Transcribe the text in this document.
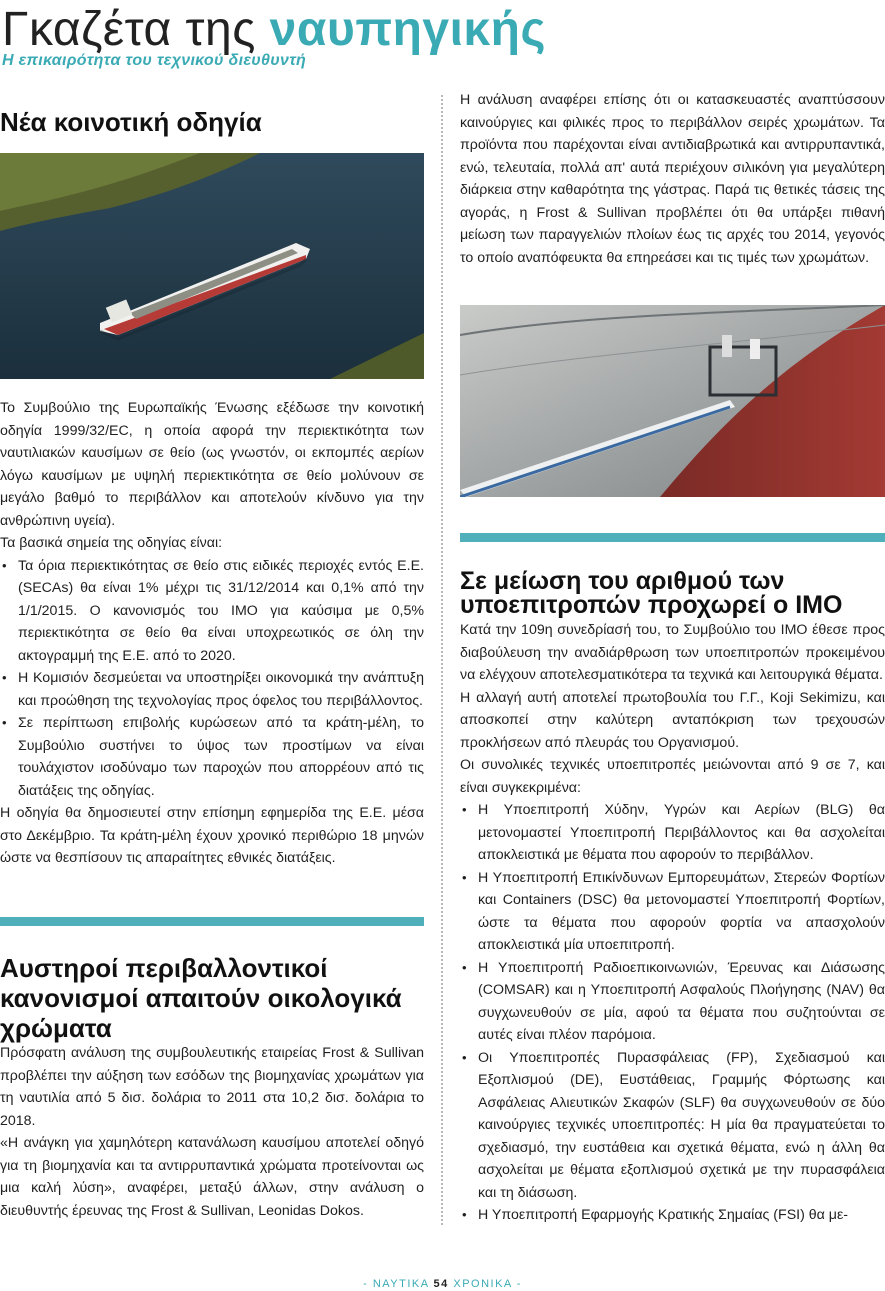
Γκαζέτα της ναυπηγικής
Η επικαιρότητα του τεχνικού διευθυντή
Νέα κοινοτική οδηγία

Το Συμβούλιο της Ευρωπαϊκής Ένωσης εξέδωσε την κοινοτική οδηγία 1999/32/EC, η οποία αφορά την περιεκτικότητα των ναυτιλιακών καυσίμων σε θείο (ως γνωστόν, οι εκπομπές αερίων λόγω καυσίμων με υψηλή περιεκτικότητα σε θείο μολύνουν σε μεγάλο βαθμό το περιβάλλον και αποτελούν κίνδυνο για την ανθρώπινη υγεία).

Τα βασικά σημεία της οδηγίας είναι:

• Τα όρια περιεκτικότητας σε θείο στις ειδικές περιοχές εντός Ε.Ε. (SECAs) θα είναι 1% μέχρι τις 31/12/2014 και 0,1% από την 1/1/2015. Ο κανονισμός του ΙΜΟ για καύσιμα με 0,5% περιεκτικότητα σε θείο θα είναι υποχρεωτικός σε όλη την ακτογραμμή της Ε.Ε. από το 2020.
• Η Κομισιόν δεσμεύεται να υποστηρίξει οικονομικά την ανάπτυξη και προώθηση της τεχνολογίας προς όφελος του περιβάλλοντος.
• Σε περίπτωση επιβολής κυρώσεων από τα κράτη-μέλη, το Συμβούλιο συστήνει το ύψος των προστίμων να είναι τουλάχιστον ισοδύναμο των παροχών που απορρέουν από τις διατάξεις της οδηγίας.

Η οδηγία θα δημοσιευτεί στην επίσημη εφημερίδα της Ε.Ε. μέσα στο Δεκέμβριο. Τα κράτη-μέλη έχουν χρονικό περιθώριο 18 μηνών ώστε να θεσπίσουν τις απαραίτητες εθνικές διατάξεις.

Αυστηροί περιβαλλοντικοί κανονισμοί απαιτούν οικολογικά χρώματα

Πρόσφατη ανάλυση της συμβουλευτικής εταιρείας Frost & Sullivan προβλέπει την αύξηση των εσόδων της βιομηχανίας χρωμάτων για τη ναυτιλία από 5 δισ. δολάρια το 2011 στα 10,2 δισ. δολάρια το 2018.

«Η ανάγκη για χαμηλότερη κατανάλωση καυσίμου αποτελεί οδηγό για τη βιομηχανία και τα αντιρρυπαντικά χρώματα προτείνονται ως μια καλή λύση», αναφέρει, μεταξύ άλλων, στην ανάλυση ο διευθυντής έρευνας της Frost & Sullivan, Leonidas Dokos.

Η ανάλυση αναφέρει επίσης ότι οι κατασκευαστές αναπτύσσουν καινούργιες και φιλικές προς το περιβάλλον σειρές χρωμάτων. Τα προϊόντα που παρέχονται είναι αντιδιαβρωτικά και αντιρρυπαντικά, ενώ, τελευταία, πολλά απ' αυτά περιέχουν σιλικόνη για μεγαλύτερη διάρκεια στην καθαρότητα της γάστρας. Παρά τις θετικές τάσεις της αγοράς, η Frost & Sullivan προβλέπει ότι θα υπάρξει πιθανή μείωση των παραγγελιών πλοίων έως τις αρχές του 2014, γεγονός το οποίο αναπόφευκτα θα επηρεάσει και τις τιμές των χρωμάτων.

Σε μείωση του αριθμού των υποεπιτροπών προχωρεί ο ΙΜΟ

Κατά την 109η συνεδρίασή του, το Συμβούλιο του ΙΜΟ έθεσε προς διαβούλευση την αναδιάρθρωση των υποεπιτροπών προκειμένου να ελέγχουν αποτελεσματικότερα τα τεχνικά και λειτουργικά θέματα.

Η αλλαγή αυτή αποτελεί πρωτοβουλία του Γ.Γ., Koji Sekimizu, και αποσκοπεί στην καλύτερη ανταπόκριση των τρεχουσών προκλήσεων από πλευράς του Οργανισμού.

Οι συνολικές τεχνικές υποεπιτροπές μειώνονται από 9 σε 7, και είναι συγκεκριμένα:

• Η Υποεπιτροπή Χύδην, Υγρών και Αερίων (BLG) θα μετονομαστεί Υποεπιτροπή Περιβάλλοντος και θα ασχολείται αποκλειστικά με θέματα που αφορούν το περιβάλλον.
• Η Υποεπιτροπή Επικίνδυνων Εμπορευμάτων, Στερεών Φορτίων και Containers (DSC) θα μετονομαστεί Υποεπιτροπή Φορτίων, ώστε τα θέματα που αφορούν φορτία να απασχολούν αποκλειστικά μία υποεπιτροπή.
• Η Υποεπιτροπή Ραδιοεπικοινωνιών, Έρευνας και Διάσωσης (COMSAR) και η Υποεπιτροπή Ασφαλούς Πλοήγησης (NAV) θα συγχωνευθούν σε μία, αφού τα θέματα που συζητούνται σε αυτές είναι πλέον παρόμοια.
• Οι Υποεπιτροπές Πυρασφάλειας (FP), Σχεδιασμού και Εξοπλισμού (DE), Ευστάθειας, Γραμμής Φόρτωσης και Ασφάλειας Αλιευτικών Σκαφών (SLF) θα συγχωνευθούν σε δύο καινούργιες τεχνικές υποεπιτροπές: Η μία θα πραγματεύεται το σχεδιασμό, την ευστάθεια και σχετικά θέματα, ενώ η άλλη θα ασχολείται με θέματα εξοπλισμού σχετικά με την πυρασφάλεια και τη διάσωση.
• Η Υποεπιτροπή Εφαρμογής Κρατικής Σημαίας (FSI) θα με-
- ΝΑΥΤΙΚΑ 54 ΧΡΟΝΙΚΑ -
